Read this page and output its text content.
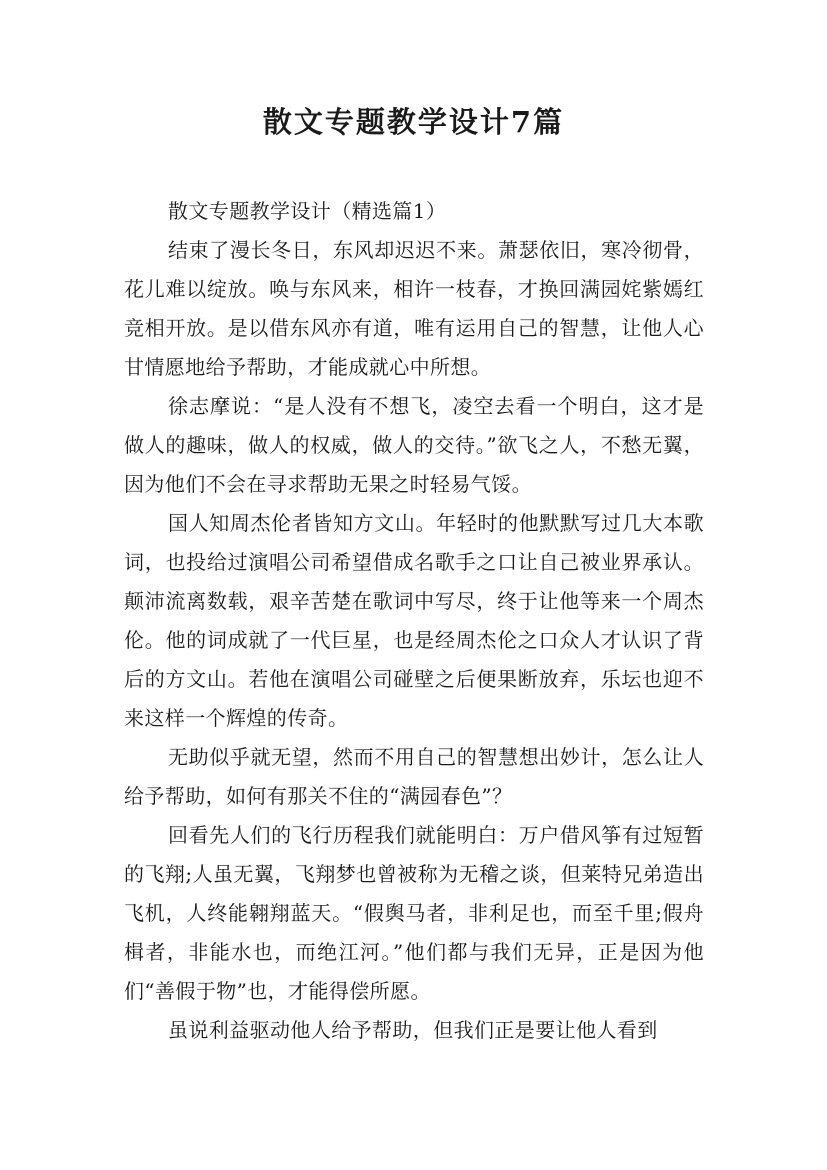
散文专题教学设计7篇

散文专题教学设计（精选篇1）

结束了漫长冬日，东风却迟迟不来。萧瑟依旧，寒冷彻骨，花儿难以绽放。唤与东风来，相许一枝春，才换回满园姹紫嫣红竞相开放。是以借东风亦有道，唯有运用自己的智慧，让他人心甘情愿地给予帮助，才能成就心中所想。

徐志摩说：“是人没有不想飞，凌空去看一个明白，这才是做人的趣味，做人的权威，做人的交待。”欲飞之人，不愁无翼，因为他们不会在寻求帮助无果之时轻易气馁。

国人知周杰伦者皆知方文山。年轻时的他默默写过几大本歌词，也投给过演唱公司希望借成名歌手之口让自己被业界承认。颠沛流离数载，艰辛苦楚在歌词中写尽，终于让他等来一个周杰伦。他的词成就了一代巨星，也是经周杰伦之口众人才认识了背后的方文山。若他在演唱公司碰壁之后便果断放弃，乐坛也迎不来这样一个辉煌的传奇。

无助似乎就无望，然而不用自己的智慧想出妙计，怎么让人给予帮助，如何有那关不住的“满园春色”？

回看先人们的飞行历程我们就能明白：万户借风筝有过短暂的飞翔;人虽无翼，飞翔梦也曾被称为无稽之谈，但莱特兄弟造出飞机，人终能翱翔蓝天。“假舆马者，非利足也，而至千里;假舟楫者，非能水也，而绝江河。”他们都与我们无异，正是因为他们“善假于物”也，才能得偿所愿。

虽说利益驱动他人给予帮助，但我们正是要让他人看到
